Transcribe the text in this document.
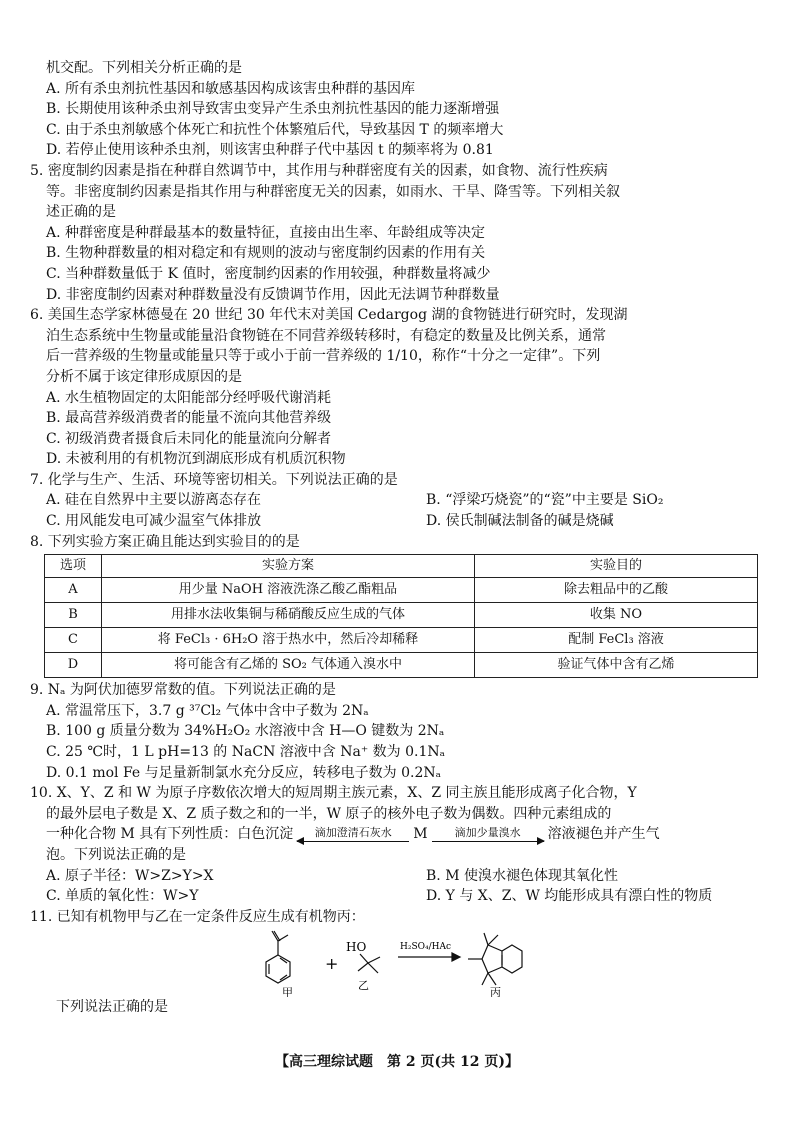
机交配。下列相关分析正确的是
A. 所有杀虫剂抗性基因和敏感基因构成该害虫种群的基因库
B. 长期使用该种杀虫剂导致害虫变异产生杀虫剂抗性基因的能力逐渐增强
C. 由于杀虫剂敏感个体死亡和抗性个体繁殖后代，导致基因 T 的频率增大
D. 若停止使用该种杀虫剂，则该害虫种群子代中基因 t 的频率将为 0.81
5. 密度制约因素是指在种群自然调节中，其作用与种群密度有关的因素，如食物、流行性疾病
等。非密度制约因素是指其作用与种群密度无关的因素，如雨水、干旱、降雪等。下列相关叙
述正确的是
A. 种群密度是种群最基本的数量特征，直接由出生率、年龄组成等决定
B. 生物种群数量的相对稳定和有规则的波动与密度制约因素的作用有关
C. 当种群数量低于 K 值时，密度制约因素的作用较强，种群数量将减少
D. 非密度制约因素对种群数量没有反馈调节作用，因此无法调节种群数量
6. 美国生态学家林德曼在 20 世纪 30 年代末对美国 Cedargog 湖的食物链进行研究时，发现湖
泊生态系统中生物量或能量沿食物链在不同营养级转移时，有稳定的数量及比例关系，通常
后一营养级的生物量或能量只等于或小于前一营养级的 1/10，称作“十分之一定律”。下列
分析不属于该定律形成原因的是
A. 水生植物固定的太阳能部分经呼吸代谢消耗
B. 最高营养级消费者的能量不流向其他营养级
C. 初级消费者摄食后未同化的能量流向分解者
D. 未被利用的有机物沉到湖底形成有机质沉积物
7. 化学与生产、生活、环境等密切相关。下列说法正确的是
A. 硅在自然界中主要以游离态存在	B. “浮梁巧烧瓷”的“瓷”中主要是 SiO₂
C. 用风能发电可减少温室气体排放	D. 侯氏制碱法制备的碱是烧碱
8. 下列实验方案正确且能达到实验目的的是
选项	实验方案	实验目的
A	用少量 NaOH 溶液洗涤乙酸乙酯粗品	除去粗品中的乙酸
B	用排水法收集铜与稀硝酸反应生成的气体	收集 NO
C	将 FeCl₃ · 6H₂O 溶于热水中，然后冷却稀释	配制 FeCl₃ 溶液
D	将可能含有乙烯的 SO₂ 气体通入溴水中	验证气体中含有乙烯
9. Nₐ 为阿伏加德罗常数的值。下列说法正确的是
A. 常温常压下，3.7 g ³⁷Cl₂ 气体中含中子数为 2Nₐ
B. 100 g 质量分数为 34%H₂O₂ 水溶液中含 H—O 键数为 2Nₐ
C. 25 ℃时，1 L pH=13 的 NaCN 溶液中含 Na⁺ 数为 0.1Nₐ
D. 0.1 mol Fe 与足量新制氯水充分反应，转移电子数为 0.2Nₐ
10. X、Y、Z 和 W 为原子序数依次增大的短周期主族元素，X、Z 同主族且能形成离子化合物，Y
的最外层电子数是 X、Z 质子数之和的一半，W 原子的核外电子数为偶数。四种元素组成的
一种化合物 M 具有下列性质：白色沉淀 滴加澄清石灰水 M 滴加少量溴水 溶液褪色并产生气
泡。下列说法正确的是
A. 原子半径：W>Z>Y>X	B. M 使溴水褪色体现其氧化性
C. 单质的氧化性：W>Y	D. Y 与 X、Z、W 均能形成具有漂白性的物质
11. 已知有机物甲与乙在一定条件反应生成有机物丙：
甲
+
HO
乙
H₂SO₄/HAc
丙
下列说法正确的是
【高三理综试题　第 2 页(共 12 页)】
